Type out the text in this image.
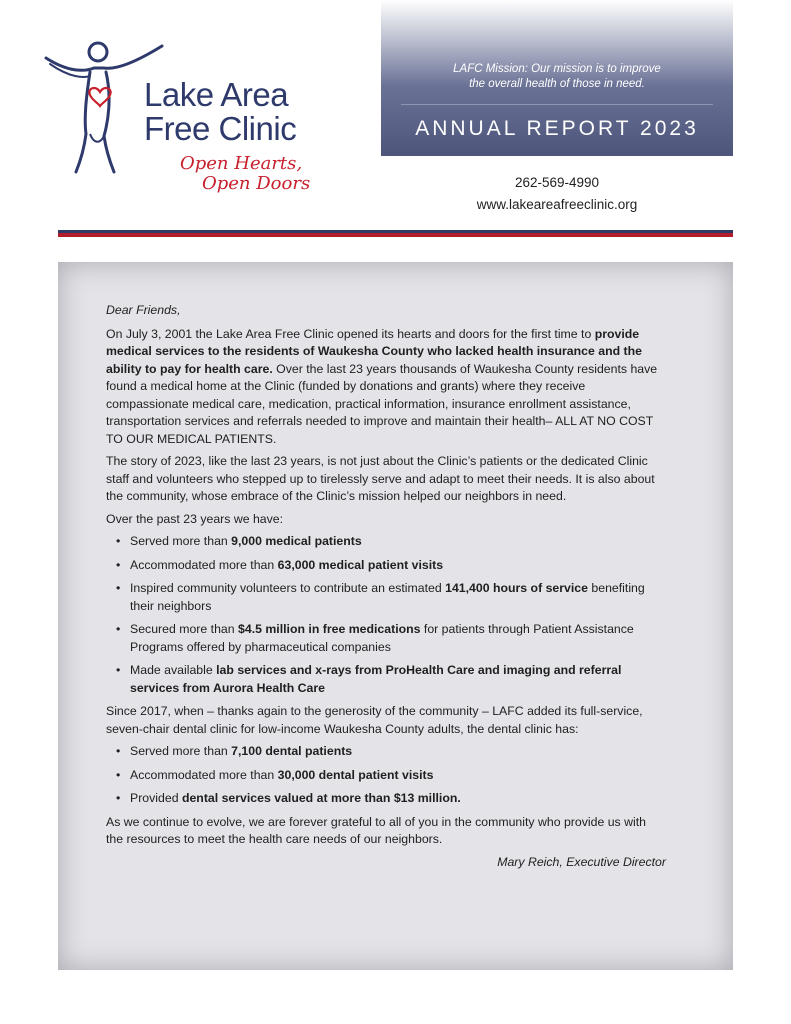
Lake Area
Free Clinic
Open Hearts,
Open Doors
LAFC Mission: Our mission is to improve
the overall health of those in need.
ANNUAL REPORT 2023
262-569-4990
www.lakeareafreeclinic.org

Dear Friends,

On July 3, 2001 the Lake Area Free Clinic opened its hearts and doors for the first time to provide medical services to the residents of Waukesha County who lacked health insurance and the ability to pay for health care. Over the last 23 years thousands of Waukesha County residents have found a medical home at the Clinic (funded by donations and grants) where they receive compassionate medical care, medication, practical information, insurance enrollment assistance, transportation services and referrals needed to improve and maintain their health– ALL AT NO COST TO OUR MEDICAL PATIENTS.

The story of 2023, like the last 23 years, is not just about the Clinic’s patients or the dedicated Clinic staff and volunteers who stepped up to tirelessly serve and adapt to meet their needs. It is also about the community, whose embrace of the Clinic’s mission helped our neighbors in need.

Over the past 23 years we have:

• Served more than 9,000 medical patients
• Accommodated more than 63,000 medical patient visits
• Inspired community volunteers to contribute an estimated 141,400 hours of service benefiting their neighbors
• Secured more than $4.5 million in free medications for patients through Patient Assistance Programs offered by pharmaceutical companies
• Made available lab services and x-rays from ProHealth Care and imaging and referral services from Aurora Health Care

Since 2017, when – thanks again to the generosity of the community – LAFC added its full-service, seven-chair dental clinic for low-income Waukesha County adults, the dental clinic has:

• Served more than 7,100 dental patients
• Accommodated more than 30,000 dental patient visits
• Provided dental services valued at more than $13 million.

As we continue to evolve, we are forever grateful to all of you in the community who provide us with the resources to meet the health care needs of our neighbors.

Mary Reich, Executive Director
